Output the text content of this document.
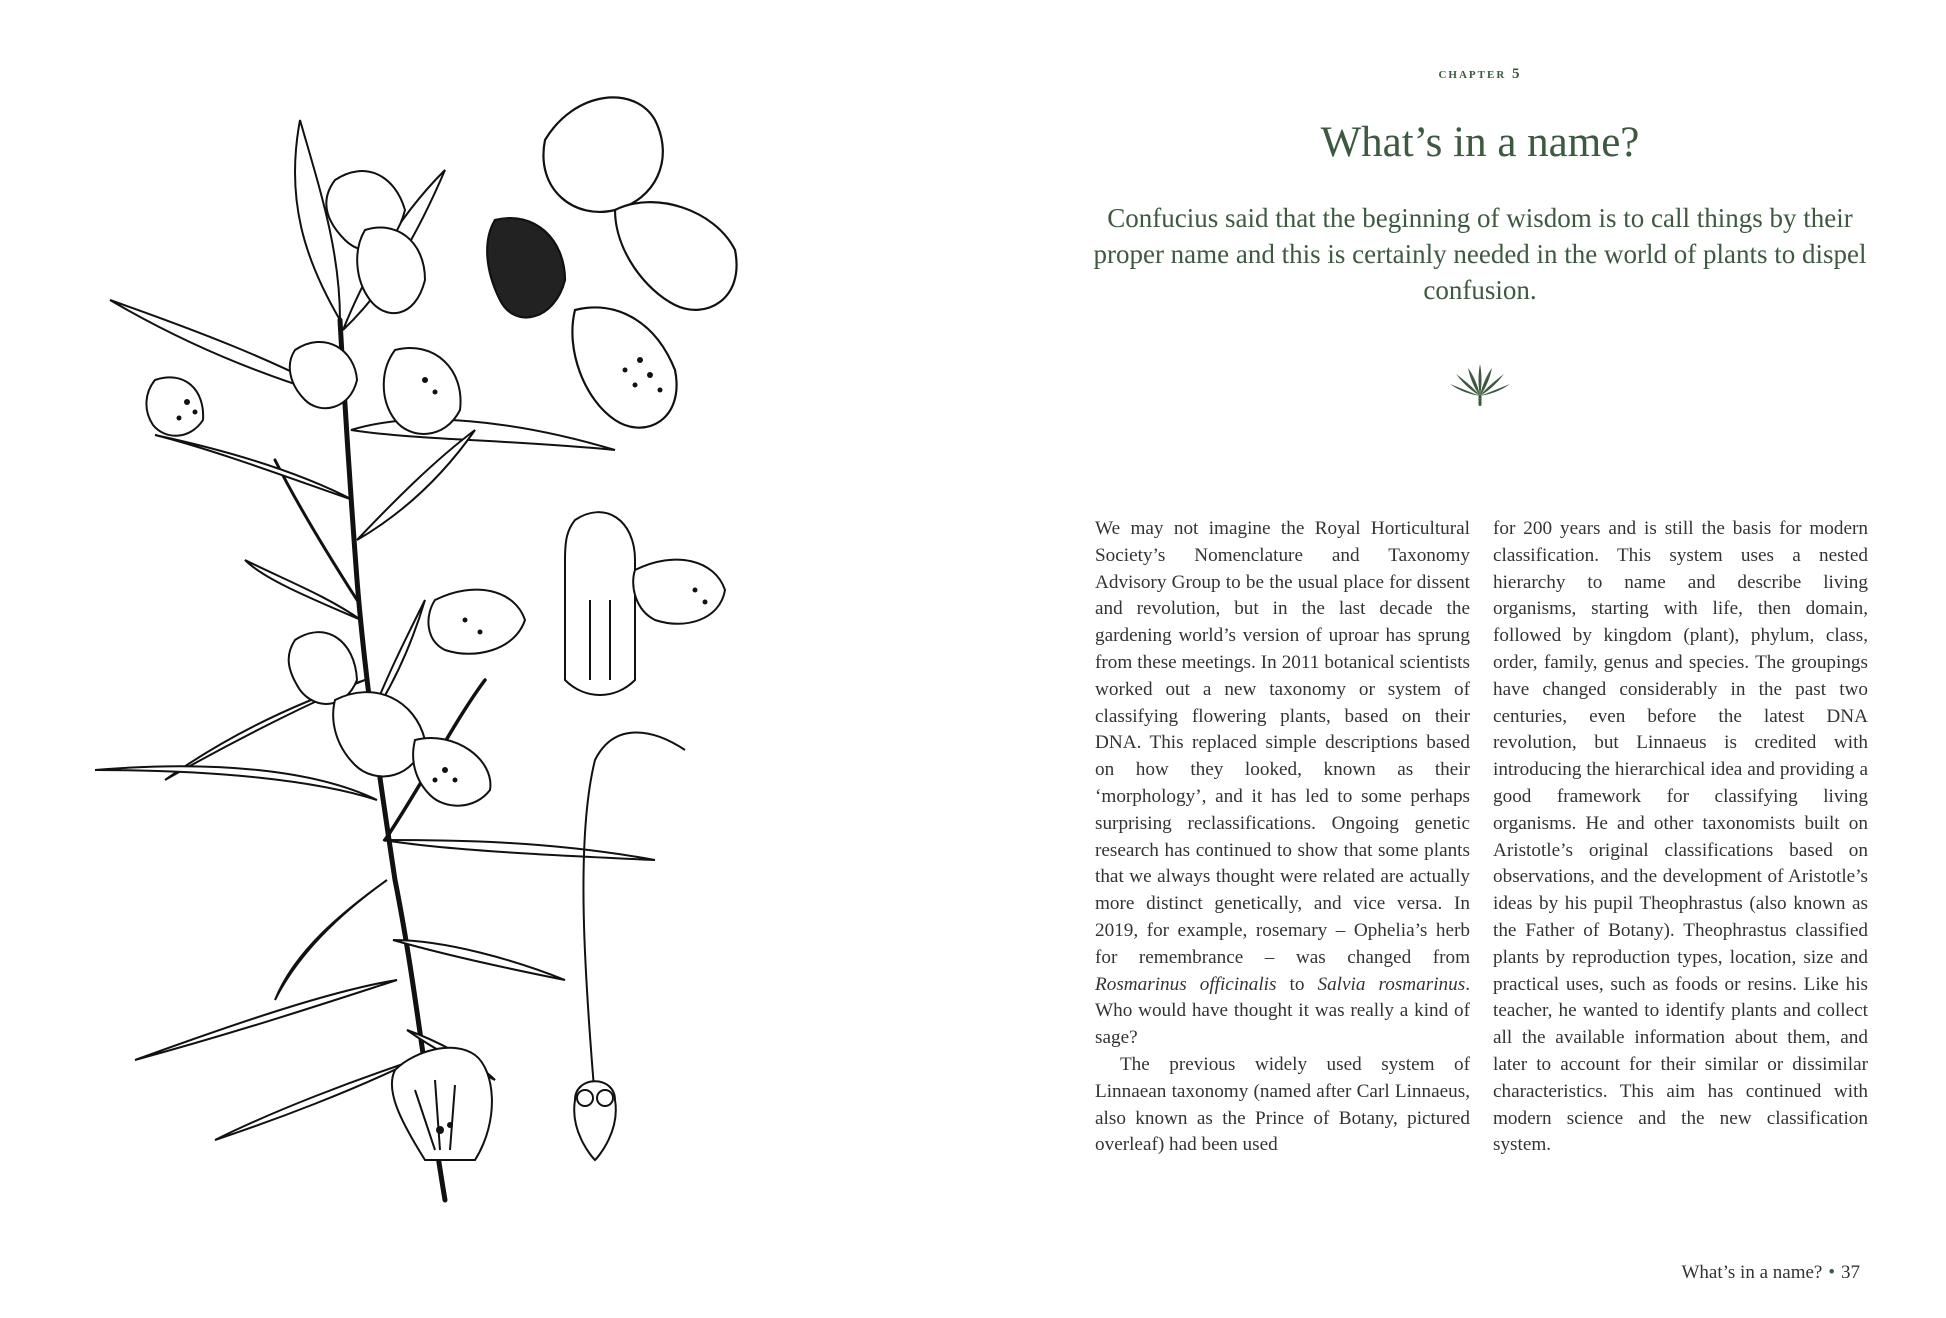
chapter 5
What’s in a name?

Confucius said that the beginning of wisdom is to call things by their proper name and this is certainly needed in the world of plants to dispel confusion.

We may not imagine the Royal Horticultural Society’s Nomenclature and Taxonomy Advisory Group to be the usual place for dissent and revolution, but in the last decade the gardening world’s version of uproar has sprung from these meetings. In 2011 botanical scientists worked out a new taxonomy or system of classifying flowering plants, based on their DNA. This replaced simple descriptions based on how they looked, known as their ‘morphology’, and it has led to some perhaps surprising reclassifications. Ongoing genetic research has continued to show that some plants that we always thought were related are actually more distinct genetically, and vice versa. In 2019, for example, rosemary – Ophelia’s herb for remembrance – was changed from Rosmarinus officinalis to Salvia rosmarinus. Who would have thought it was really a kind of sage?

The previous widely used system of Linnaean taxonomy (named after Carl Linnaeus, also known as the Prince of Botany, pictured overleaf) had been used

for 200 years and is still the basis for modern classification. This system uses a nested hierarchy to name and describe living organisms, starting with life, then domain, followed by kingdom (plant), phylum, class, order, family, genus and species. The groupings have changed considerably in the past two centuries, even before the latest DNA revolution, but Linnaeus is credited with introducing the hierarchical idea and providing a good framework for classifying living organisms. He and other taxonomists built on Aristotle’s original classifications based on observations, and the development of Aristotle’s ideas by his pupil Theophrastus (also known as the Father of Botany). Theophrastus classified plants by reproduction types, location, size and practical uses, such as foods or resins. Like his teacher, he wanted to identify plants and collect all the available information about them, and later to account for their similar or dissimilar characteristics. This aim has continued with modern science and the new classification system.

What’s in a name? • 37
